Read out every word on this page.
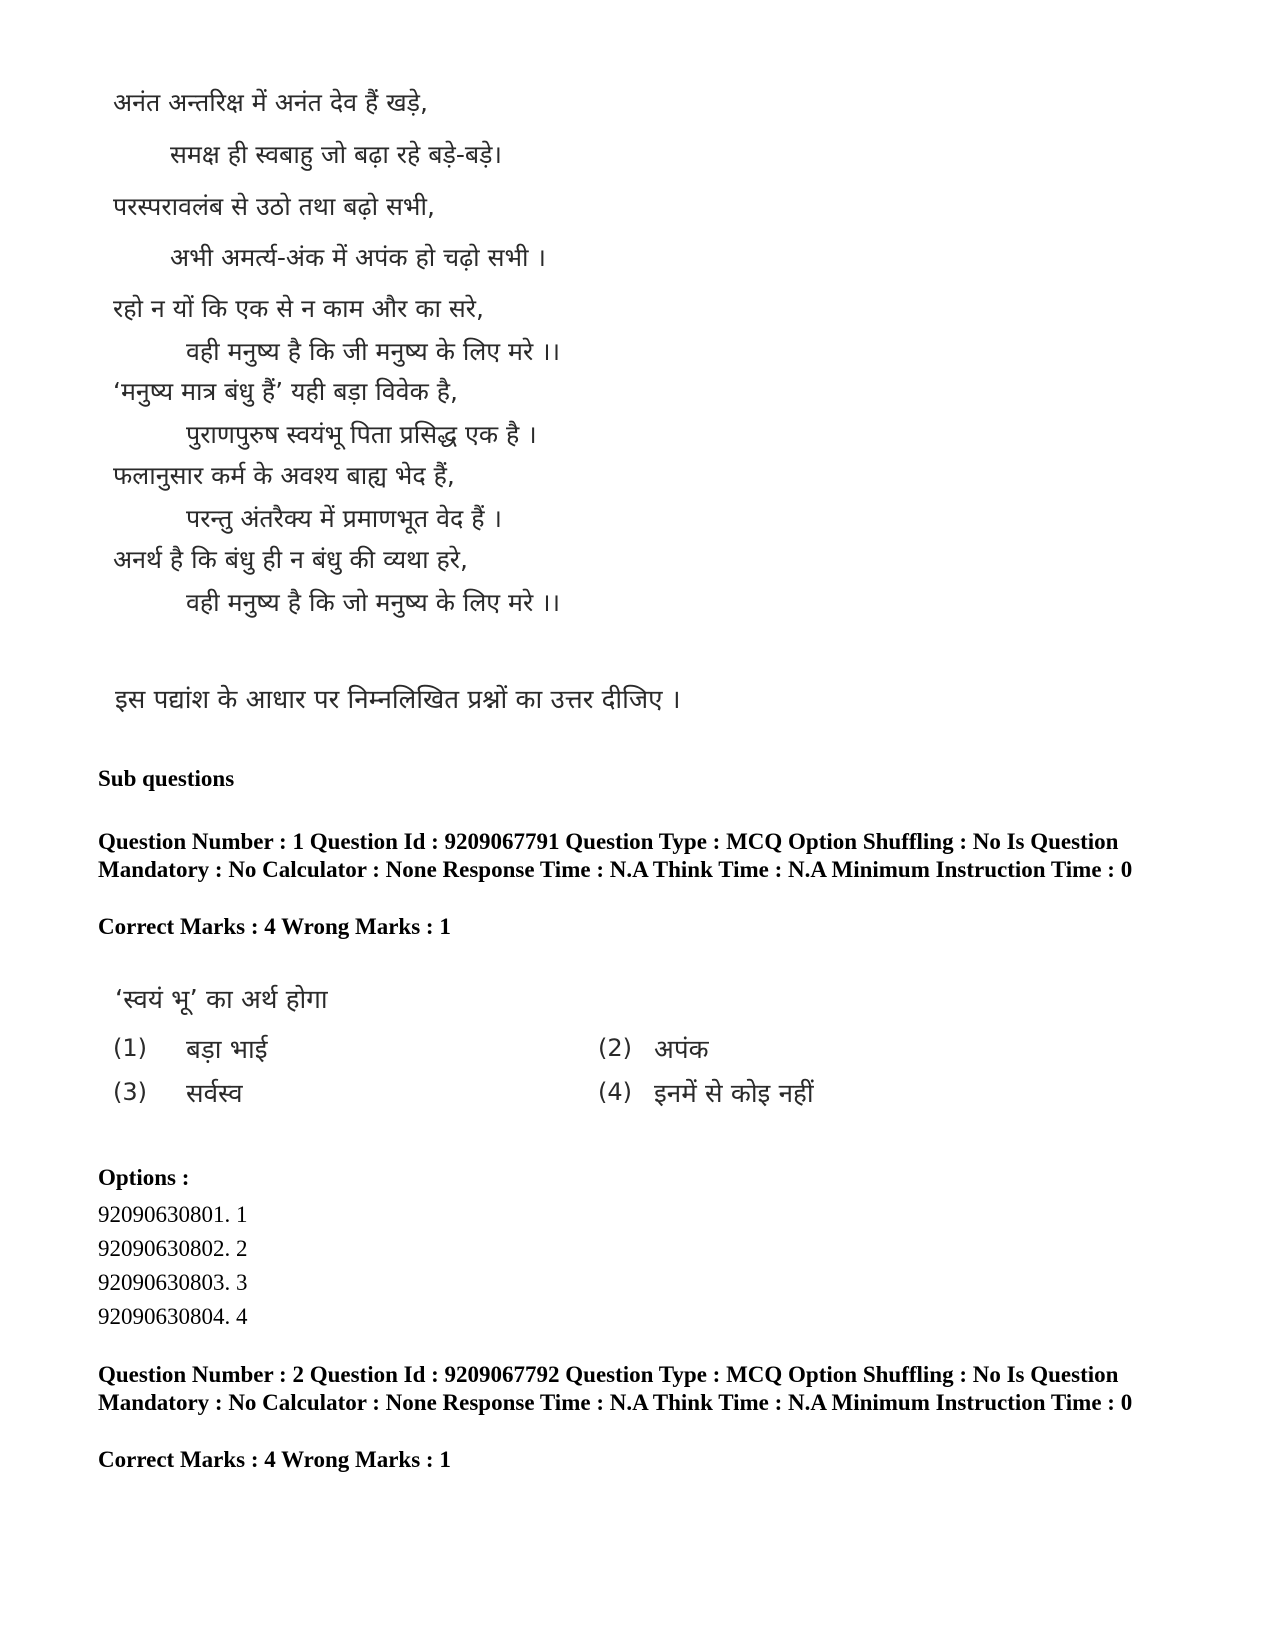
अनंत अन्तरिक्ष में अनंत देव हैं खड़े,
समक्ष ही स्वबाहु जो बढ़ा रहे बड़े-बड़े।
परस्परावलंब से उठो तथा बढ़ो सभी,
अभी अमर्त्य-अंक में अपंक हो चढ़ो सभी ।
रहो न यों कि एक से न काम और का सरे,
वही मनुष्य है कि जी मनुष्य के लिए मरे ।।
‘मनुष्य मात्र बंधु हैं’ यही बड़ा विवेक है,
पुराणपुरुष स्वयंभू पिता प्रसिद्ध एक है ।
फलानुसार कर्म के अवश्य बाह्य भेद हैं,
परन्तु अंतरैक्य में प्रमाणभूत वेद हैं ।
अनर्थ है कि बंधु ही न बंधु की व्यथा हरे,
वही मनुष्य है कि जो मनुष्य के लिए मरे ।।
इस पद्यांश के आधार पर निम्नलिखित प्रश्नों का उत्तर दीजिए ।
Sub questions
Question Number : 1 Question Id : 9209067791 Question Type : MCQ Option Shuffling : No Is Question Mandatory : No Calculator : None Response Time : N.A Think Time : N.A Minimum Instruction Time : 0
Correct Marks : 4 Wrong Marks : 1
‘स्वयं भू’ का अर्थ होगा
(1) बड़ा भाई	(2) अपंक
(3) सर्वस्व	(4) इनमें से कोइ नहीं
Options :
92090630801. 1
92090630802. 2
92090630803. 3
92090630804. 4
Question Number : 2 Question Id : 9209067792 Question Type : MCQ Option Shuffling : No Is Question Mandatory : No Calculator : None Response Time : N.A Think Time : N.A Minimum Instruction Time : 0
Correct Marks : 4 Wrong Marks : 1
